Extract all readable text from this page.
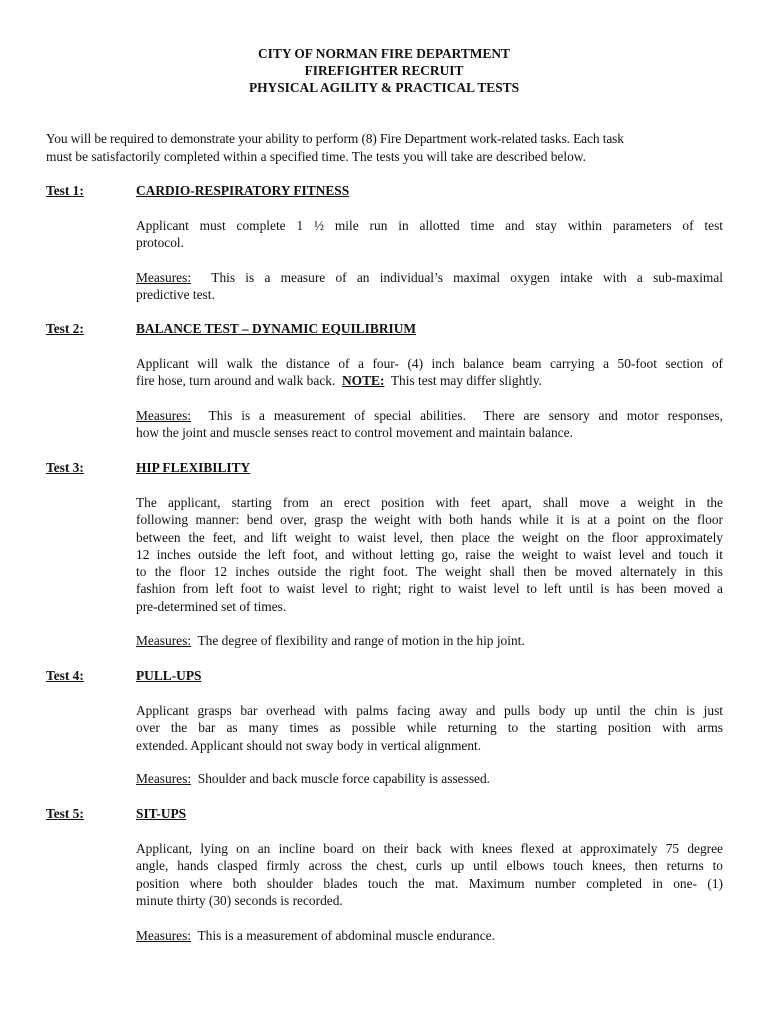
CITY OF NORMAN FIRE DEPARTMENT
FIREFIGHTER RECRUIT
PHYSICAL AGILITY & PRACTICAL TESTS

You will be required to demonstrate your ability to perform (8) Fire Department work-related tasks. Each task

must be satisfactorily completed within a specified time. The tests you will take are described below.

Test 1:	CARDIO-RESPIRATORY FITNESS
Applicant must complete 1 ½ mile run in allotted time and stay within parameters of test
protocol.
Measures:  This is a measure of an individual’s maximal oxygen intake with a sub-maximal
predictive test.
Test 2:	BALANCE TEST – DYNAMIC EQUILIBRIUM
Applicant will walk the distance of a four- (4) inch balance beam carrying a 50-foot section of
fire hose, turn around and walk back.  NOTE:  This test may differ slightly.
Measures:  This is a measurement of special abilities.  There are sensory and motor responses,
how the joint and muscle senses react to control movement and maintain balance.
Test 3:	HIP FLEXIBILITY
The applicant, starting from an erect position with feet apart, shall move a weight in the
following manner: bend over, grasp the weight with both hands while it is at a point on the floor
between the feet, and lift weight to waist level, then place the weight on the floor approximately
12 inches outside the left foot, and without letting go, raise the weight to waist level and touch it
to the floor 12 inches outside the right foot. The weight shall then be moved alternately in this
fashion from left foot to waist level to right; right to waist level to left until is has been moved a
pre-determined set of times.
Measures:  The degree of flexibility and range of motion in the hip joint.
Test 4:	PULL-UPS
Applicant grasps bar overhead with palms facing away and pulls body up until the chin is just
over the bar as many times as possible while returning to the starting position with arms
extended. Applicant should not sway body in vertical alignment.
Measures:  Shoulder and back muscle force capability is assessed.
Test 5:	SIT-UPS
Applicant, lying on an incline board on their back with knees flexed at approximately 75 degree
angle, hands clasped firmly across the chest, curls up until elbows touch knees, then returns to
position where both shoulder blades touch the mat. Maximum number completed in one- (1)
minute thirty (30) seconds is recorded.
Measures:  This is a measurement of abdominal muscle endurance.
